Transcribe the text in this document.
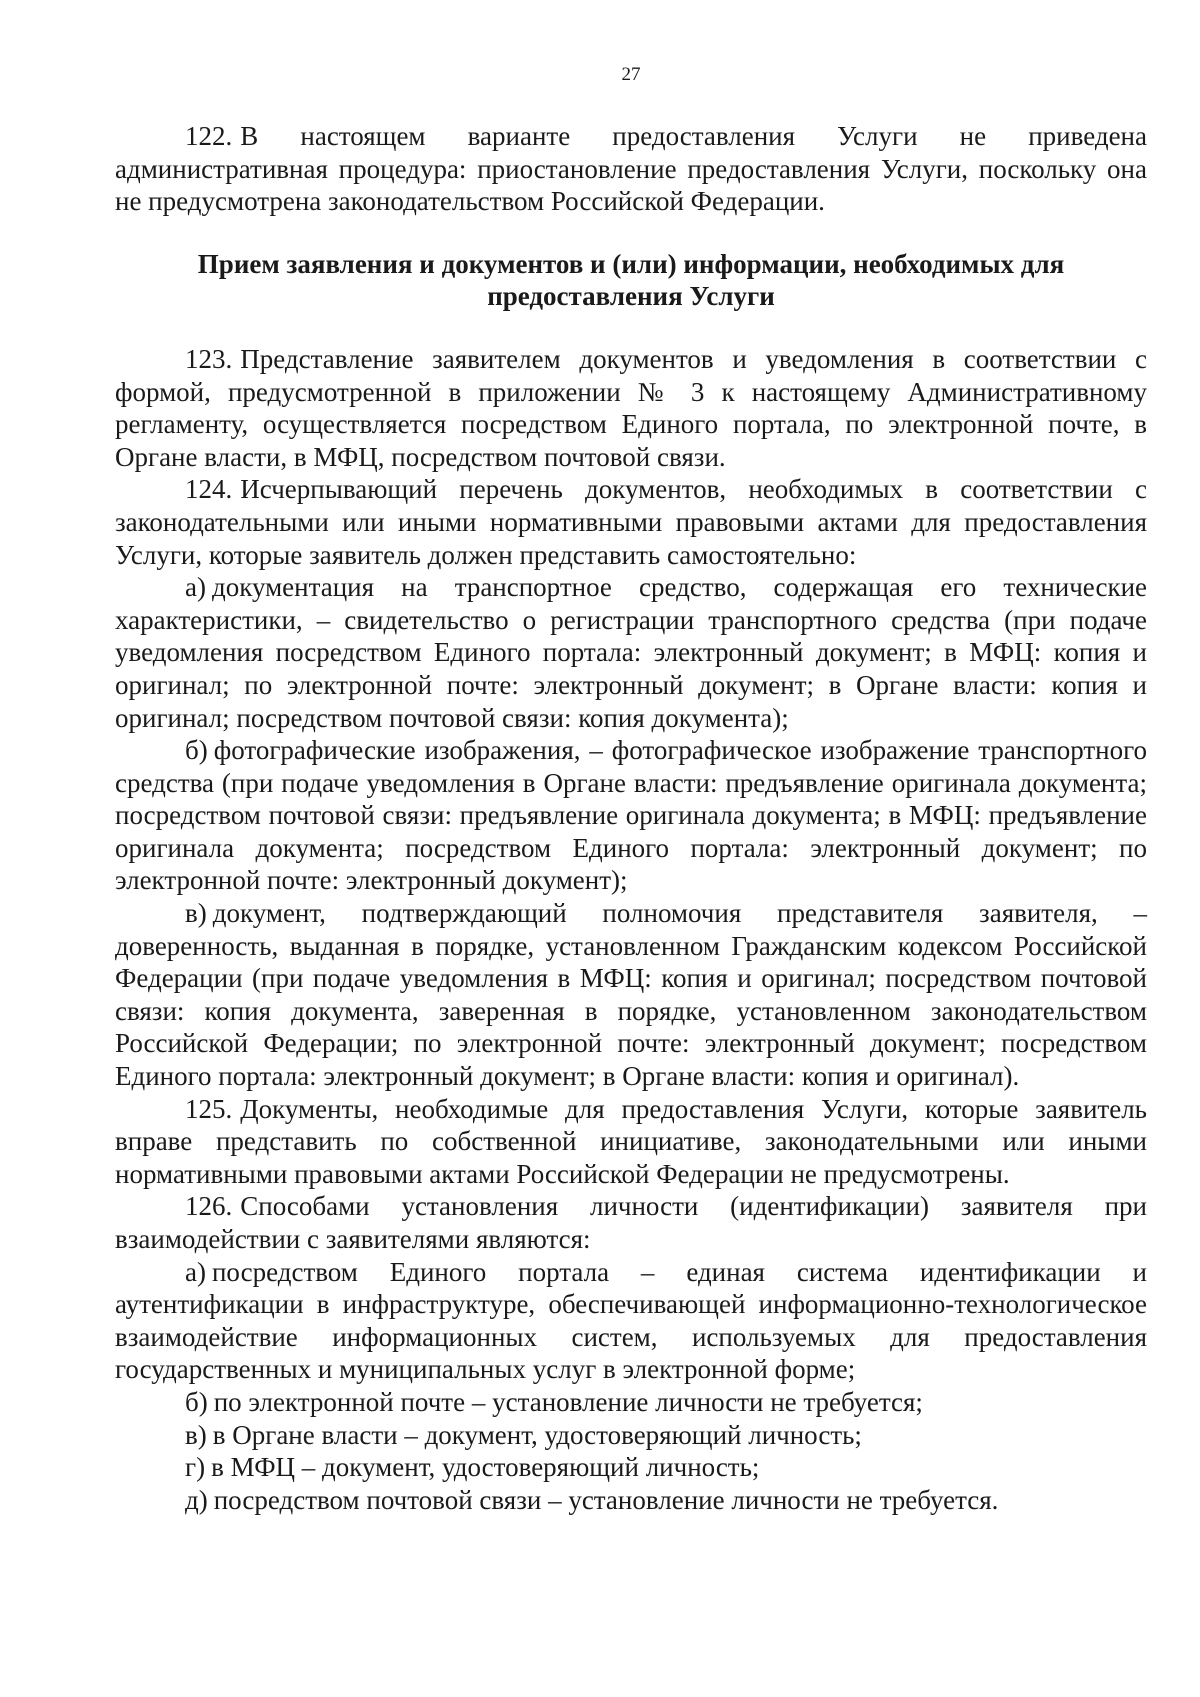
27

122. В настоящем варианте предоставления Услуги не приведена административная процедура: приостановление предоставления Услуги, поскольку она не предусмотрена законодательством Российской Федерации.

Прием заявления и документов и (или) информации, необходимых для
предоставления Услуги

123. Представление заявителем документов и уведомления в соответствии с формой, предусмотренной в приложении № 3 к настоящему Административному регламенту, осуществляется посредством Единого портала, по электронной почте, в Органе власти, в МФЦ, посредством почтовой связи.

124. Исчерпывающий перечень документов, необходимых в соответствии с законодательными или иными нормативными правовыми актами для предоставления Услуги, которые заявитель должен представить самостоятельно:

а) документация на транспортное средство, содержащая его технические характеристики, – свидетельство о регистрации транспортного средства (при подаче уведомления посредством Единого портала: электронный документ; в МФЦ: копия и оригинал; по электронной почте: электронный документ; в Органе власти: копия и оригинал; посредством почтовой связи: копия документа);

б) фотографические изображения, – фотографическое изображение транспортного средства (при подаче уведомления в Органе власти: предъявление оригинала документа; посредством почтовой связи: предъявление оригинала документа; в МФЦ: предъявление оригинала документа; посредством Единого портала: электронный документ; по электронной почте: электронный документ);

в) документ, подтверждающий полномочия представителя заявителя, – доверенность, выданная в порядке, установленном Гражданским кодексом Российской Федерации (при подаче уведомления в МФЦ: копия и оригинал; посредством почтовой связи: копия документа, заверенная в порядке, установленном законодательством Российской Федерации; по электронной почте: электронный документ; посредством Единого портала: электронный документ; в Органе власти: копия и оригинал).

125. Документы, необходимые для предоставления Услуги, которые заявитель вправе представить по собственной инициативе, законодательными или иными нормативными правовыми актами Российской Федерации не предусмотрены.

126. Способами установления личности (идентификации) заявителя при взаимодействии с заявителями являются:

а) посредством Единого портала – единая система идентификации и аутентификации в инфраструктуре, обеспечивающей информационно-технологическое взаимодействие информационных систем, используемых для предоставления государственных и муниципальных услуг в электронной форме;

б) по электронной почте – установление личности не требуется;

в) в Органе власти – документ, удостоверяющий личность;

г) в МФЦ – документ, удостоверяющий личность;

д) посредством почтовой связи – установление личности не требуется.
